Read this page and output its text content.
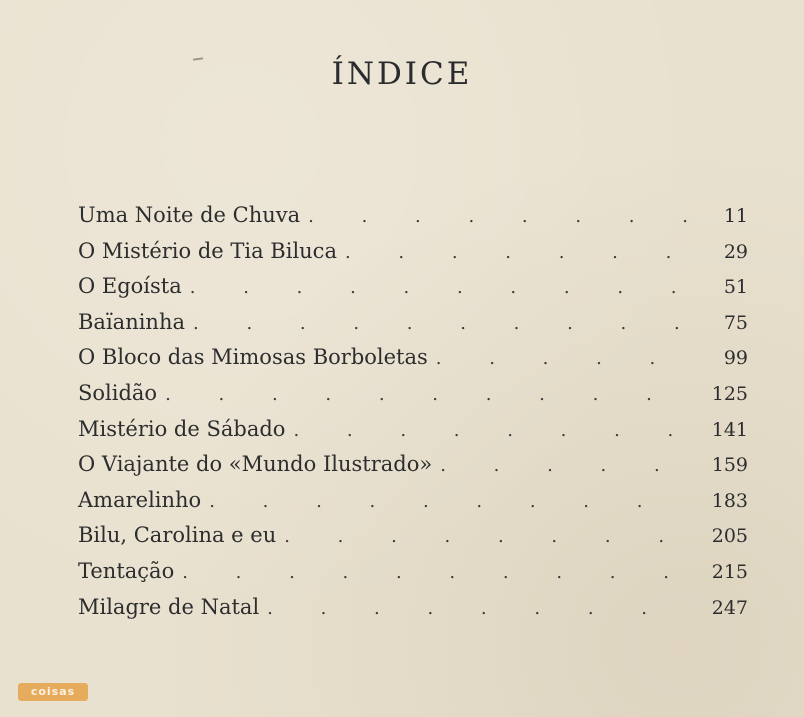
ÍNDICE
Uma Noite de Chuva . . .	11
O Mistério de Tia Biluca . . .	29
O Egoísta . . .	51
Baïaninha . . .	75
O Bloco das Mimosas Borboletas . . .	99
Solidão . . .	125
Mistério de Sábado . . .	141
O Viajante do «Mundo Ilustrado» . . .	159
Amarelinho . . .	183
Bilu, Carolina e eu . . .	205
Tentação . . .	215
Milagre de Natal . . .	247
coisas
